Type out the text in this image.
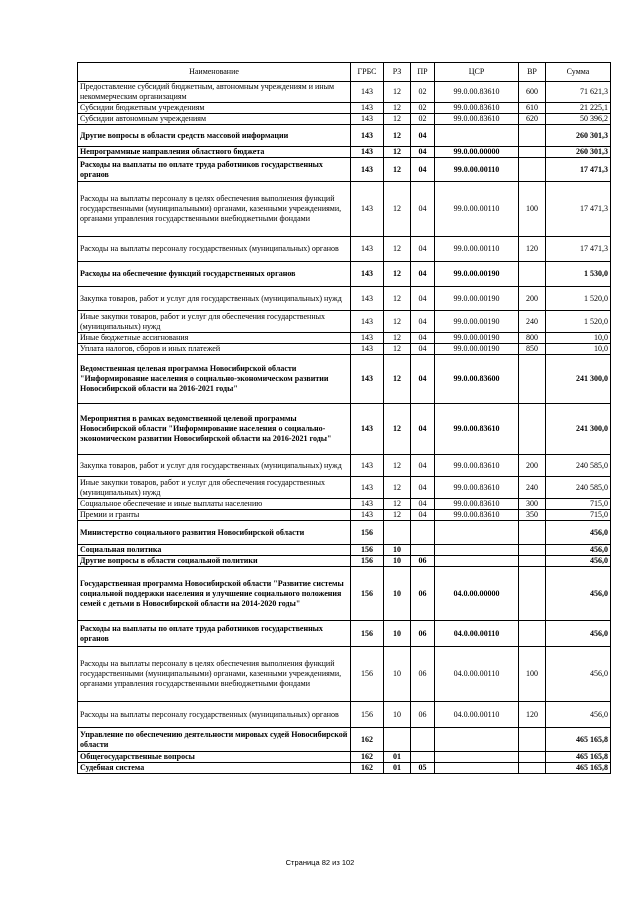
Наименование	ГРБС	РЗ	ПР	ЦСР	ВР	Сумма
Предоставление субсидий бюджетным, автономным учреждениям и иным некоммерческим организациям	143	12	02	99.0.00.83610	600	71 621,3
Субсидии бюджетным учреждениям	143	12	02	99.0.00.83610	610	21 225,1
Субсидии автономным учреждениям	143	12	02	99.0.00.83610	620	50 396,2
Другие вопросы в области средств массовой информации	143	12	04			260 301,3
Непрограммные направления областного бюджета	143	12	04	99.0.00.00000		260 301,3
Расходы на выплаты по оплате труда работников государственных органов	143	12	04	99.0.00.00110		17 471,3
Расходы на выплаты персоналу в целях обеспечения выполнения функций государственными (муниципальными) органами, казенными учреждениями, органами управления государственными внебюджетными фондами	143	12	04	99.0.00.00110	100	17 471,3
Расходы на выплаты персоналу государственных (муниципальных) органов	143	12	04	99.0.00.00110	120	17 471,3
Расходы на обеспечение функций государственных органов	143	12	04	99.0.00.00190		1 530,0
Закупка товаров, работ и услуг для государственных (муниципальных) нужд	143	12	04	99.0.00.00190	200	1 520,0
Иные закупки товаров, работ и услуг для обеспечения государственных (муниципальных) нужд	143	12	04	99.0.00.00190	240	1 520,0
Иные бюджетные ассигнования	143	12	04	99.0.00.00190	800	10,0
Уплата налогов, сборов и иных платежей	143	12	04	99.0.00.00190	850	10,0
Ведомственная целевая программа Новосибирской области "Информирование населения о социально-экономическом развитии Новосибирской области на 2016-2021 годы"	143	12	04	99.0.00.83600		241 300,0
Мероприятия в рамках ведомственной целевой программы Новосибирской области "Информирование населения о социально-экономическом развитии Новосибирской области на 2016-2021 годы"	143	12	04	99.0.00.83610		241 300,0
Закупка товаров, работ и услуг для государственных (муниципальных) нужд	143	12	04	99.0.00.83610	200	240 585,0
Иные закупки товаров, работ и услуг для обеспечения государственных (муниципальных) нужд	143	12	04	99.0.00.83610	240	240 585,0
Социальное обеспечение и иные выплаты населению	143	12	04	99.0.00.83610	300	715,0
Премии и гранты	143	12	04	99.0.00.83610	350	715,0
Министерство социального развития Новосибирской области	156					456,0
Социальная политика	156	10				456,0
Другие вопросы в области социальной политики	156	10	06			456,0
Государственная программа Новосибирской области "Развитие системы социальной поддержки населения и улучшение социального положения семей с детьми в Новосибирской области на 2014-2020 годы"	156	10	06	04.0.00.00000		456,0
Расходы на выплаты по оплате труда работников государственных органов	156	10	06	04.0.00.00110		456,0
Расходы на выплаты персоналу в целях обеспечения выполнения функций государственными (муниципальными) органами, казенными учреждениями, органами управления государственными внебюджетными фондами	156	10	06	04.0.00.00110	100	456,0
Расходы на выплаты персоналу государственных (муниципальных) органов	156	10	06	04.0.00.00110	120	456,0
Управление по обеспечению деятельности мировых судей Новосибирской области	162					465 165,8
Общегосударственные вопросы	162	01				465 165,8
Судебная система	162	01	05			465 165,8
Страница 82 из 102
